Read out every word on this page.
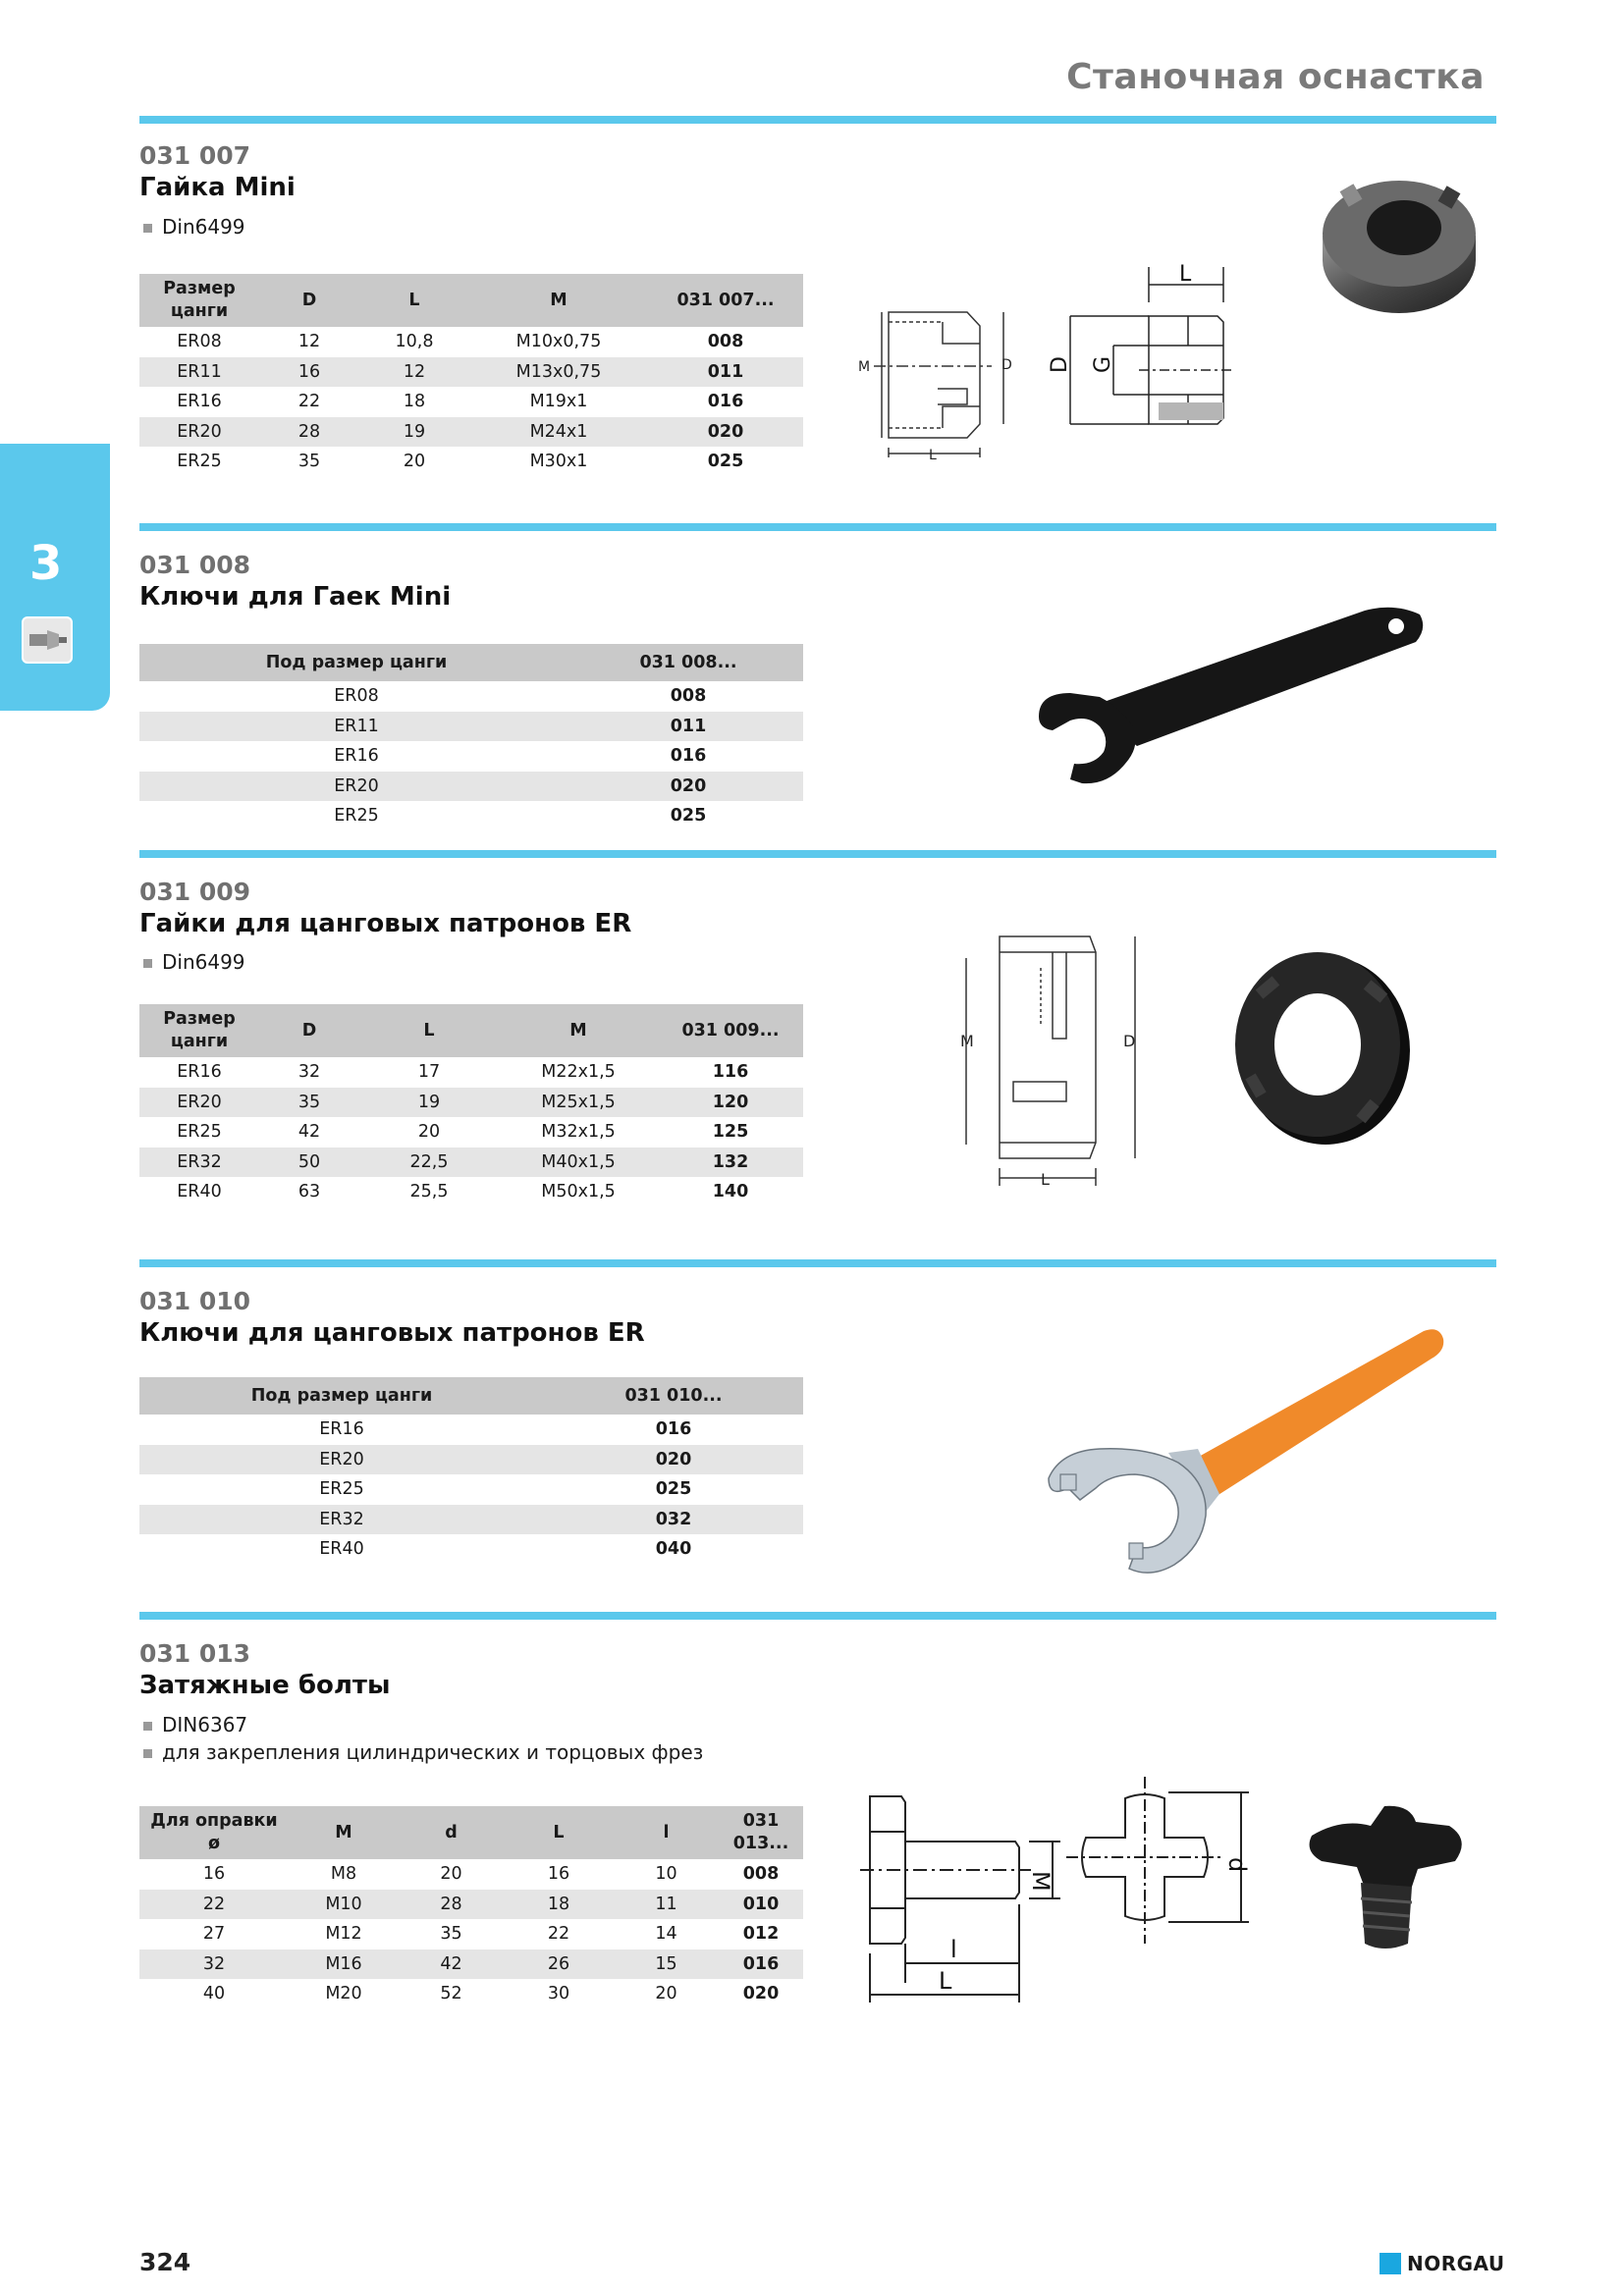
Станочная оснастка
3
031 007
Гайка Mini
Din6499
Размер цанги	D	L	M	031 007...
ER08	12	10,8	M10x0,75	008
ER11	16	12	M13x0,75	011
ER16	22	18	M19x1	016
ER20	28	19	M24x1	020
ER25	35	20	M30x1	025
M	D
L
L
D G
031 008
Ключи для Гаек Mini
Под размер цанги	031 008...
ER08	008
ER11	011
ER16	016
ER20	020
ER25	025
031 009
Гайки для цанговых патронов ER
Din6499
Размер цанги	D	L	M	031 009...
ER16	32	17	M22x1,5	116
ER20	35	19	M25x1,5	120
ER25	42	20	M32x1,5	125
ER32	50	22,5	M40x1,5	132
ER40	63	25,5	M50x1,5	140
M	D
L
031 010
Ключи для цанговых патронов ER
Под размер цанги	031 010...
ER16	016
ER20	020
ER25	025
ER32	032
ER40	040
031 013
Затяжные болты
DIN6367
для закрепления цилиндрических и торцовых фрез
Для оправки ø	M	d	L	l	031 013...
16	M8	20	16	10	008
22	M10	28	18	11	010
27	M12	35	22	14	012
32	M16	42	26	15	016
40	M20	52	30	20	020
M
l
L
d
324	NORGAU
